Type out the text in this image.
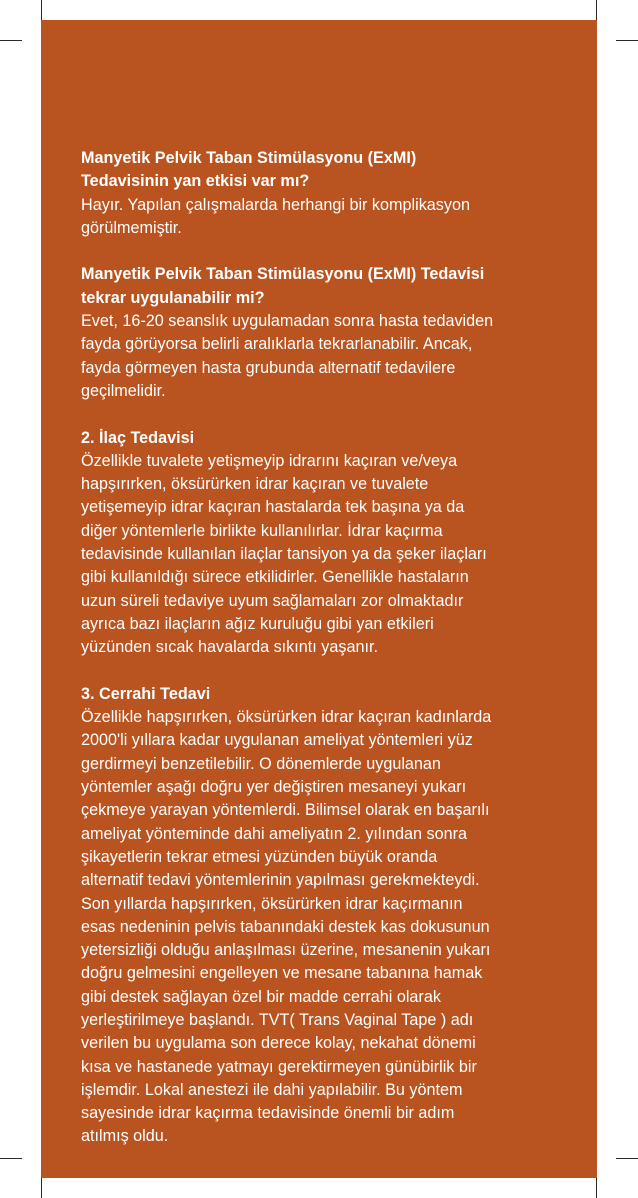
Manyetik Pelvik Taban Stimülasyonu (ExMI)
Tedavisinin yan etkisi var mı?

Hayır. Yapılan çalışmalarda herhangi bir komplikasyon
görülmemiştir.

Manyetik Pelvik Taban Stimülasyonu (ExMI) Tedavisi
tekrar uygulanabilir mi?

Evet, 16-20 seanslık uygulamadan sonra hasta tedaviden
fayda görüyorsa belirli aralıklarla tekrarlanabilir. Ancak,
fayda görmeyen hasta grubunda alternatif tedavilere
geçilmelidir.

2. İlaç Tedavisi

Özellikle tuvalete yetişmeyip idrarını kaçıran ve/veya
hapşırırken, öksürürken idrar kaçıran ve tuvalete
yetişemeyip idrar kaçıran hastalarda tek başına ya da
diğer yöntemlerle birlikte kullanılırlar. İdrar kaçırma
tedavisinde kullanılan ilaçlar tansiyon ya da şeker ilaçları
gibi kullanıldığı sürece etkilidirler. Genellikle hastaların
uzun süreli tedaviye uyum sağlamaları zor olmaktadır
ayrıca bazı ilaçların ağız kuruluğu gibi yan etkileri
yüzünden sıcak havalarda sıkıntı yaşanır.

3. Cerrahi Tedavi

Özellikle hapşırırken, öksürürken idrar kaçıran kadınlarda
2000'li yıllara kadar uygulanan ameliyat yöntemleri yüz
gerdirmeyi benzetilebilir. O dönemlerde uygulanan
yöntemler aşağı doğru yer değiştiren mesaneyi yukarı
çekmeye yarayan yöntemlerdi. Bilimsel olarak en başarılı
ameliyat yönteminde dahi ameliyatın 2. yılından sonra
şikayetlerin tekrar etmesi yüzünden büyük oranda
alternatif tedavi yöntemlerinin yapılması gerekmekteydi.
Son yıllarda hapşırırken, öksürürken idrar kaçırmanın
esas nedeninin pelvis tabanındaki destek kas dokusunun
yetersizliği olduğu anlaşılması üzerine, mesanenin yukarı
doğru gelmesini engelleyen ve mesane tabanına hamak
gibi destek sağlayan özel bir madde cerrahi olarak
yerleştirilmeye başlandı. TVT( Trans Vaginal Tape ) adı
verilen bu uygulama son derece kolay, nekahat dönemi
kısa ve hastanede yatmayı gerektirmeyen günübirlik bir
işlemdir. Lokal anestezi ile dahi yapılabilir. Bu yöntem
sayesinde idrar kaçırma tedavisinde önemli bir adım
atılmış oldu.
